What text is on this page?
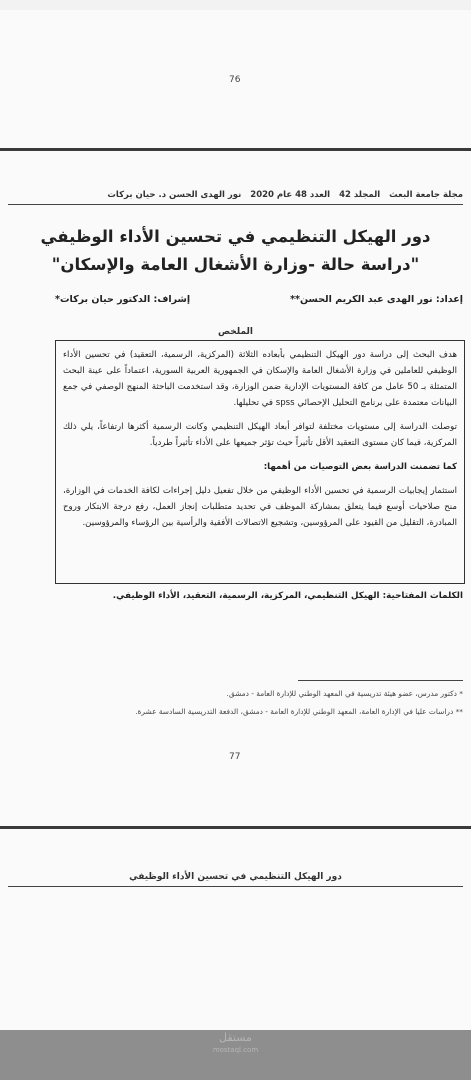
76
مجلة جامعة البعث المجلد 42 العدد 48 عام 2020 نور الهدى الحسن د. حيان بركات
دور الهيكل التنظيمي في تحسين الأداء الوظيفي
"دراسة حالة -وزارة الأشغال العامة والإسكان"
إعداد: نور الهدى عبد الكريم الحسن**
إشراف: الدكتور حيان بركات*
الملخص

هدف البحث إلى دراسة دور الهيكل التنظيمي بأبعاده الثلاثة (المركزية، الرسمية، التعقيد) في تحسين الأداء الوظيفي للعاملين في وزارة الأشغال العامة والإسكان في الجمهورية العربية السورية، اعتماداً على عينة البحث المتمثلة بـ 50 عامل من كافة المستويات الإدارية ضمن الوزارة، وقد استخدمت الباحثة المنهج الوصفي في جمع البيانات معتمدة على برنامج التحليل الإحصائي spss في تحليلها.

توصلت الدراسة إلى مستويات مختلفة لتوافر أبعاد الهيكل التنظيمي وكانت الرسمية أكثرها ارتفاعاً، يلي ذلك المركزية، فيما كان مستوى التعقيد الأقل تأثيراً حيث تؤثر جميعها على الأداء تأثيراً طردياً.

كما تضمنت الدراسة بعض التوصيات من أهمها:

استثمار إيجابيات الرسمية في تحسين الأداء الوظيفي من خلال تفعيل دليل إجراءات لكافة الخدمات في الوزارة، منح صلاحيات أوسع فيما يتعلق بمشاركة الموظف في تحديد متطلبات إنجاز العمل، رفع درجة الابتكار وروح المبادرة، التقليل من القيود على المرؤوسين، وتشجيع الاتصالات الأفقية والرأسية بين الرؤساء والمرؤوسين.

الكلمات المفتاحية: الهيكل التنظيمي، المركزية، الرسمية، التعقيد، الأداء الوظيفي.

* دكتور مدرس، عضو هيئة تدريسية في المعهد الوطني للإدارة العامة - دمشق.

** دراسات عليا في الإدارة العامة، المعهد الوطني للإدارة العامة - دمشق، الدفعة التدريسية السادسة عشرة.

77
دور الهيكل التنظيمي في تحسين الأداء الوظيفي
مستقل
mostaql.com
